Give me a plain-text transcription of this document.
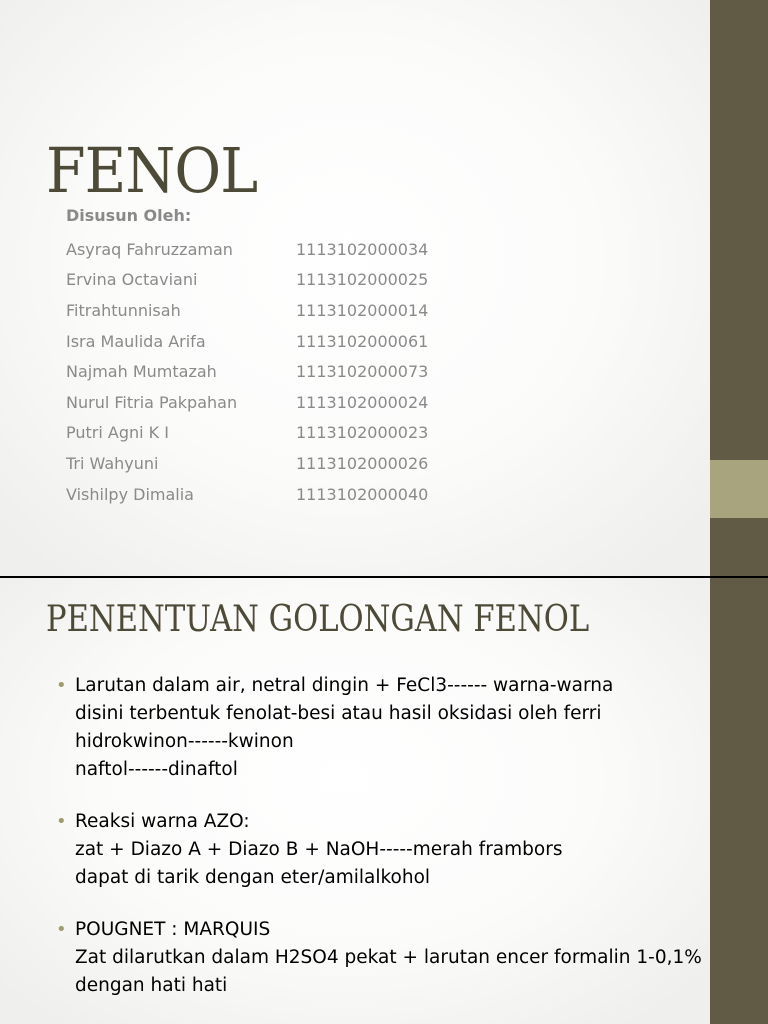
FENOL
Disusun Oleh:
Asyraq Fahruzzaman	1113102000034
Ervina Octaviani	1113102000025
Fitrahtunnisah	1113102000014
Isra Maulida Arifa	1113102000061
Najmah Mumtazah	1113102000073
Nurul Fitria Pakpahan	1113102000024
Putri Agni K I	1113102000023
Tri Wahyuni	1113102000026
Vishilpy Dimalia	1113102000040
PENENTUAN GOLONGAN FENOL
• Larutan dalam air, netral dingin + FeCl3------ warna-warna
disini terbentuk fenolat-besi atau hasil oksidasi oleh ferri
hidrokwinon------kwinon
naftol------dinaftol
• Reaksi warna AZO:
zat + Diazo A + Diazo B + NaOH-----merah frambors
dapat di tarik dengan eter/amilalkohol
• POUGNET : MARQUIS
Zat dilarutkan dalam H2SO4 pekat + larutan encer formalin 1-0,1%
dengan hati hati
